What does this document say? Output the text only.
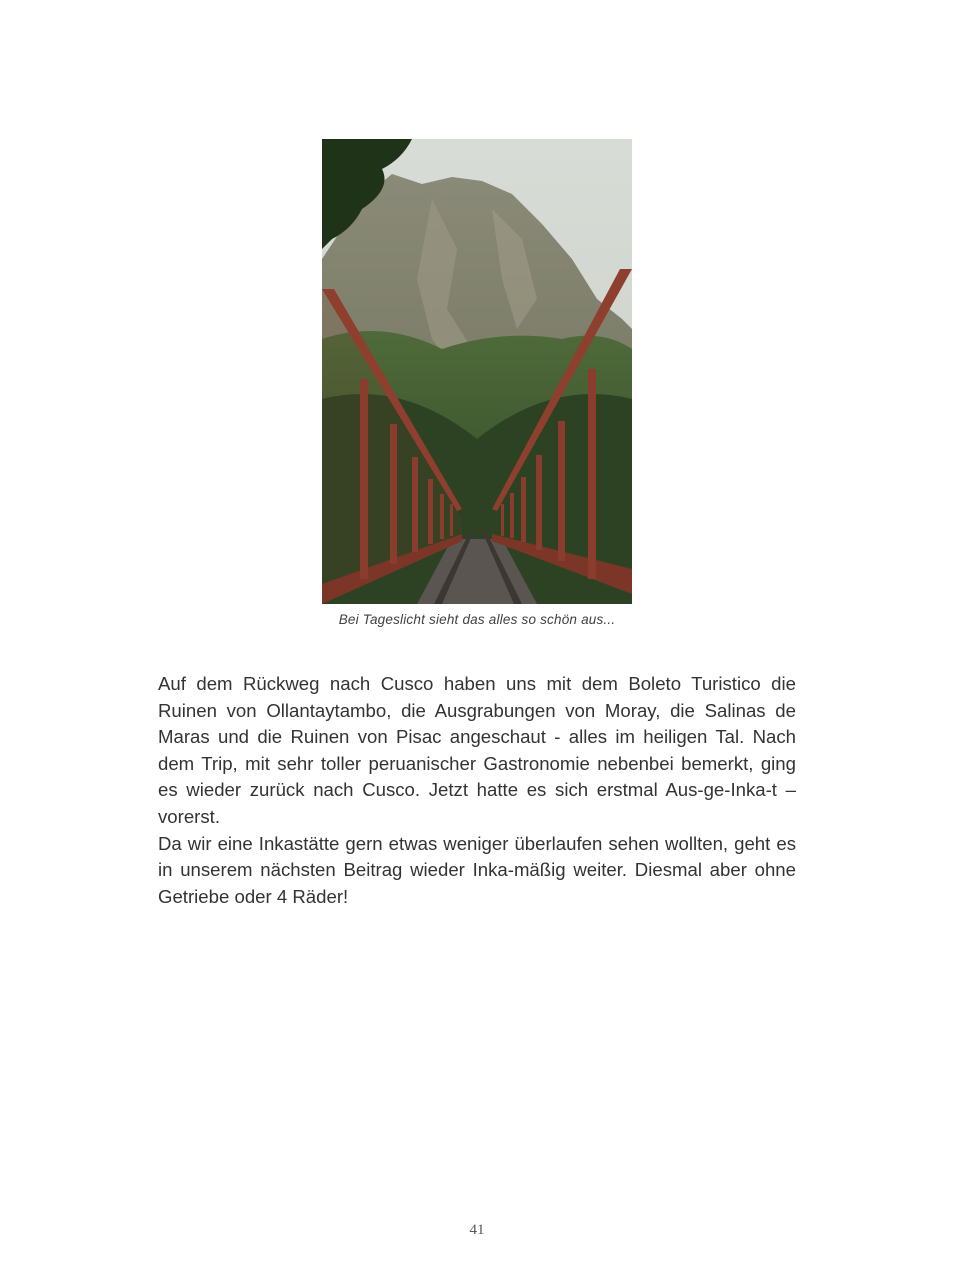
Bei Tageslicht sieht das alles so schön aus...

Auf dem Rückweg nach Cusco haben uns mit dem Boleto Turistico die Ruinen von Ollantaytambo, die Ausgrabungen von Moray, die Salinas de Maras und die Ruinen von Pisac angeschaut - alles im heiligen Tal. Nach dem Trip, mit sehr toller peruanischer Gastronomie nebenbei bemerkt, ging es wieder zurück nach Cusco. Jetzt hatte es sich erstmal Aus-ge-Inka-t – vorerst.

Da wir eine Inkastätte gern etwas weniger überlaufen sehen wollten, geht es in unserem nächsten Beitrag wieder Inka-mäßig weiter. Diesmal aber ohne Getriebe oder 4 Räder!

41
